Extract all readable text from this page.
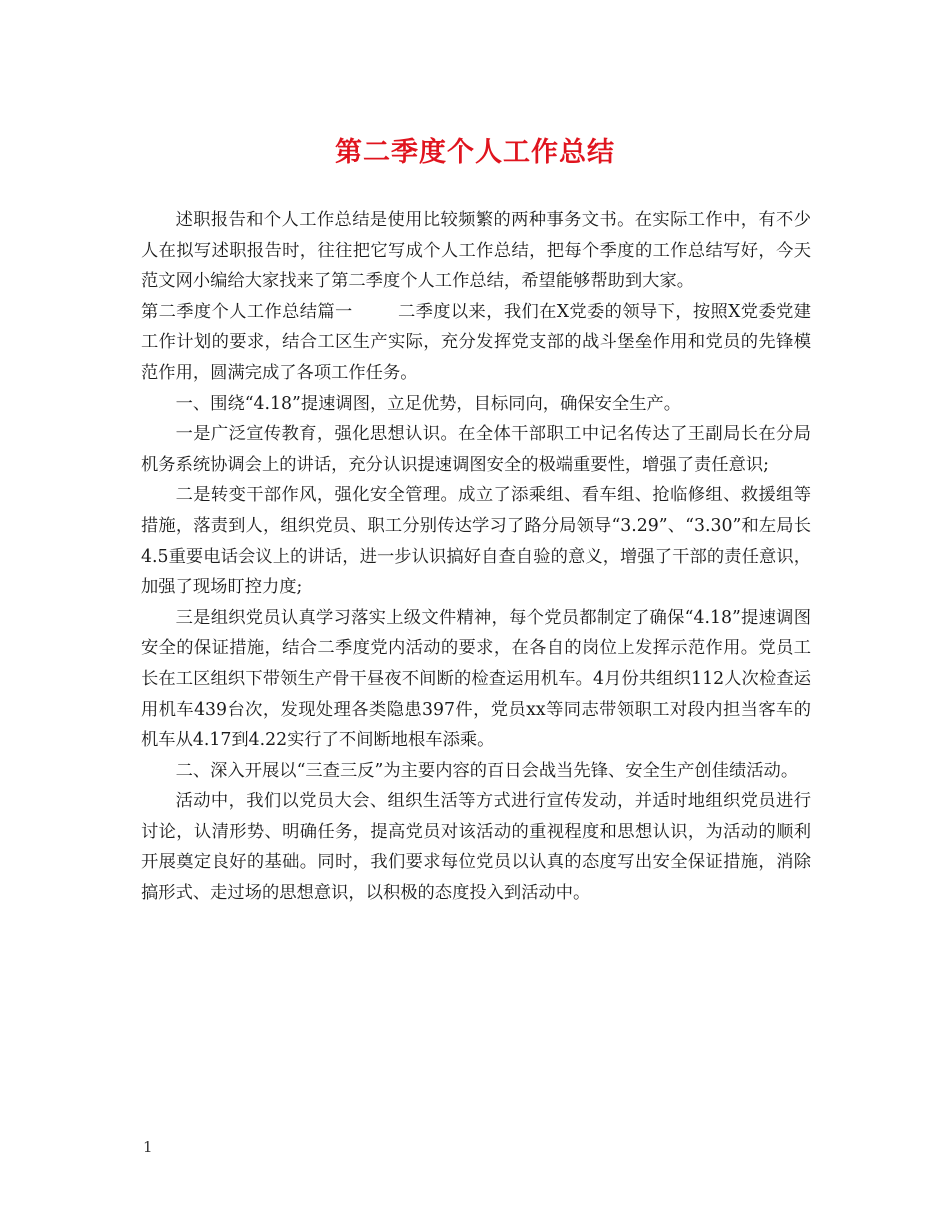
第二季度个人工作总结

述职报告和个人工作总结是使用比较频繁的两种事务文书。在实际工作中，有不少人在拟写述职报告时，往往把它写成个人工作总结，把每个季度的工作总结写好，今天范文网小编给大家找来了第二季度个人工作总结，希望能够帮助到大家。

第二季度个人工作总结篇一	二季度以来，我们在X党委的领导下，按照X党委党建工作计划的要求，结合工区生产实际，充分发挥党支部的战斗堡垒作用和党员的先锋模范作用，圆满完成了各项工作任务。

一、围绕“4.18”提速调图，立足优势，目标同向，确保安全生产。

一是广泛宣传教育，强化思想认识。在全体干部职工中记名传达了王副局长在分局机务系统协调会上的讲话，充分认识提速调图安全的极端重要性，增强了责任意识;

二是转变干部作风，强化安全管理。成立了添乘组、看车组、抢临修组、救援组等措施，落责到人，组织党员、职工分别传达学习了路分局领导“3.29”、“3.30”和左局长4.5重要电话会议上的讲话，进一步认识搞好自查自验的意义，增强了干部的责任意识，加强了现场盯控力度;

三是组织党员认真学习落实上级文件精神，每个党员都制定了确保“4.18”提速调图安全的保证措施，结合二季度党内活动的要求，在各自的岗位上发挥示范作用。党员工长在工区组织下带领生产骨干昼夜不间断的检查运用机车。4月份共组织112人次检查运用机车439台次，发现处理各类隐患397件，党员xx等同志带领职工对段内担当客车的机车从4.17到4.22实行了不间断地根车添乘。

二、深入开展以“三查三反”为主要内容的百日会战当先锋、安全生产创佳绩活动。

活动中，我们以党员大会、组织生活等方式进行宣传发动，并适时地组织党员进行讨论，认清形势、明确任务，提高党员对该活动的重视程度和思想认识，为活动的顺利开展奠定良好的基础。同时，我们要求每位党员以认真的态度写出安全保证措施，消除搞形式、走过场的思想意识，以积极的态度投入到活动中。

1
